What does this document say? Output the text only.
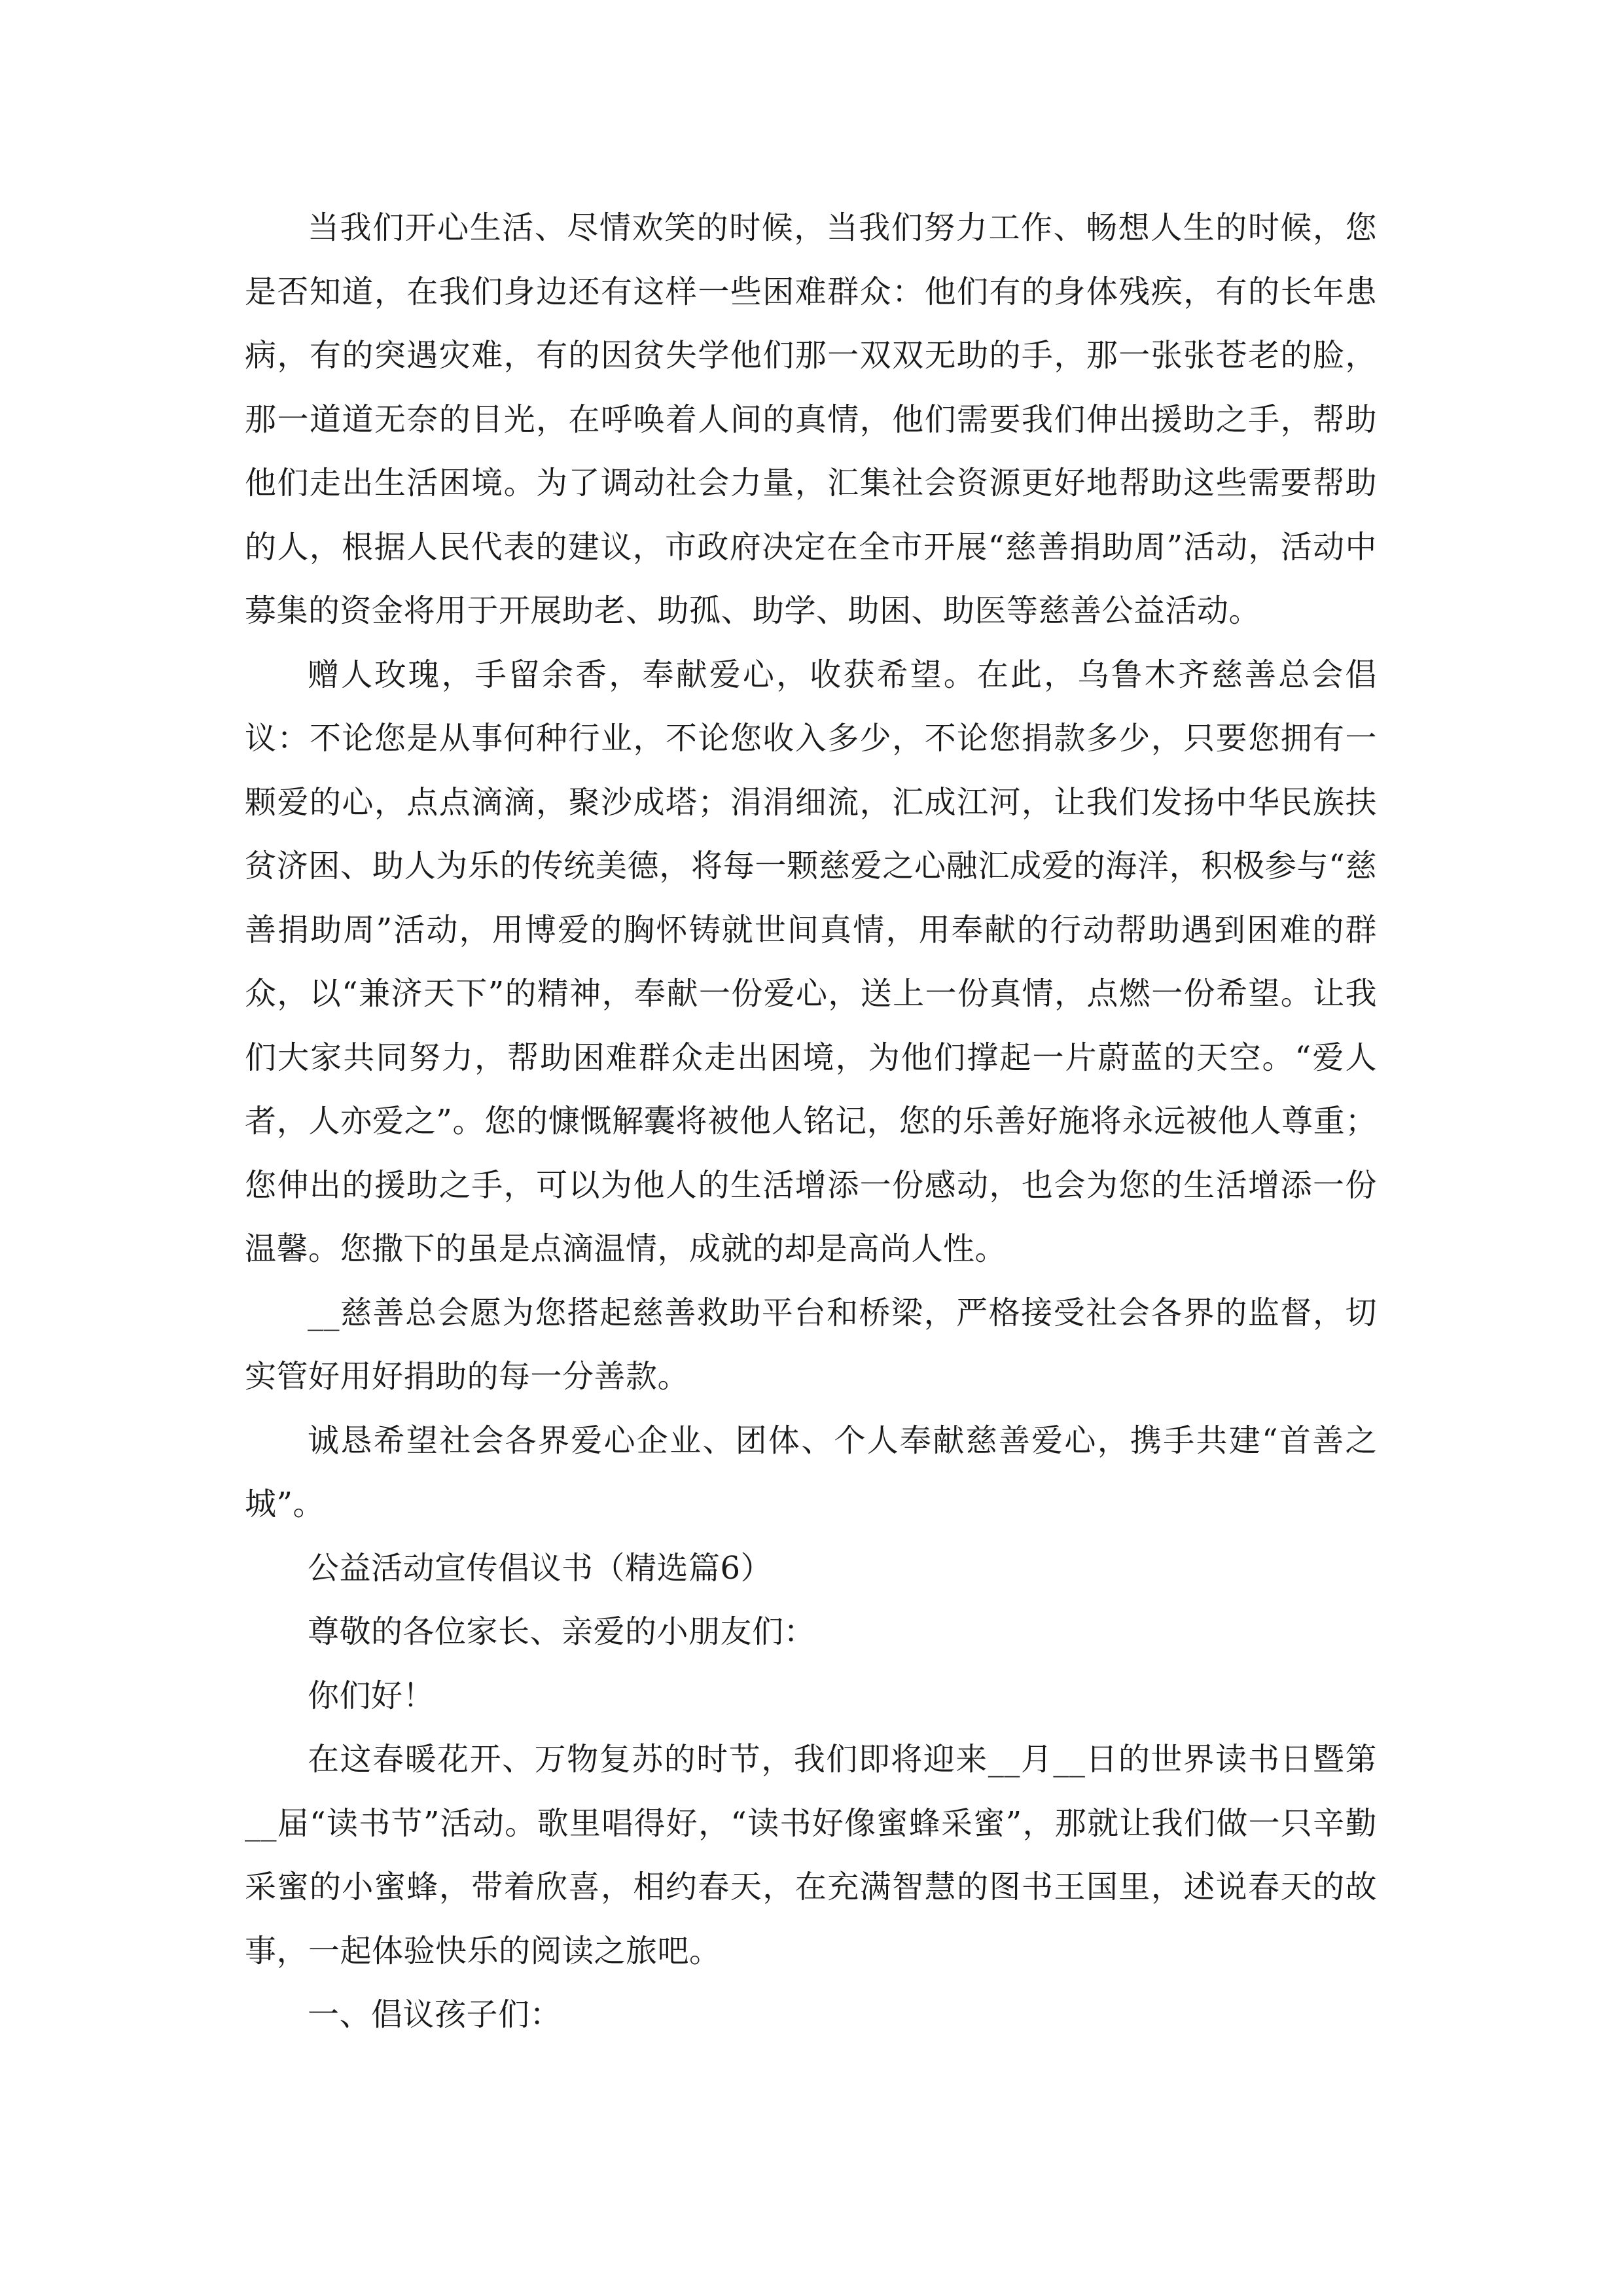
当我们开心生活、尽情欢笑的时候，当我们努力工作、畅想人生的时候，您是否知道，在我们身边还有这样一些困难群众：他们有的身体残疾，有的长年患病，有的突遇灾难，有的因贫失学他们那一双双无助的手，那一张张苍老的脸，那一道道无奈的目光，在呼唤着人间的真情，他们需要我们伸出援助之手，帮助他们走出生活困境。为了调动社会力量，汇集社会资源更好地帮助这些需要帮助的人，根据人民代表的建议，市政府决定在全市开展“慈善捐助周”活动，活动中募集的资金将用于开展助老、助孤、助学、助困、助医等慈善公益活动。

赠人玫瑰，手留余香，奉献爱心，收获希望。在此，乌鲁木齐慈善总会倡议：不论您是从事何种行业，不论您收入多少，不论您捐款多少，只要您拥有一颗爱的心，点点滴滴，聚沙成塔；涓涓细流，汇成江河，让我们发扬中华民族扶贫济困、助人为乐的传统美德，将每一颗慈爱之心融汇成爱的海洋，积极参与“慈善捐助周”活动，用博爱的胸怀铸就世间真情，用奉献的行动帮助遇到困难的群众，以“兼济天下”的精神，奉献一份爱心，送上一份真情，点燃一份希望。让我们大家共同努力，帮助困难群众走出困境，为他们撑起一片蔚蓝的天空。“爱人者，人亦爱之”。您的慷慨解囊将被他人铭记，您的乐善好施将永远被他人尊重；您伸出的援助之手，可以为他人的生活增添一份感动，也会为您的生活增添一份温馨。您撒下的虽是点滴温情，成就的却是高尚人性。

__慈善总会愿为您搭起慈善救助平台和桥梁，严格接受社会各界的监督，切实管好用好捐助的每一分善款。

诚恳希望社会各界爱心企业、团体、个人奉献慈善爱心，携手共建“首善之城”。

公益活动宣传倡议书（精选篇6）

尊敬的各位家长、亲爱的小朋友们：

你们好！

在这春暖花开、万物复苏的时节，我们即将迎来__月__日的世界读书日暨第__届“读书节”活动。歌里唱得好，“读书好像蜜蜂采蜜”，那就让我们做一只辛勤采蜜的小蜜蜂，带着欣喜，相约春天，在充满智慧的图书王国里，述说春天的故事，一起体验快乐的阅读之旅吧。

一、倡议孩子们：
